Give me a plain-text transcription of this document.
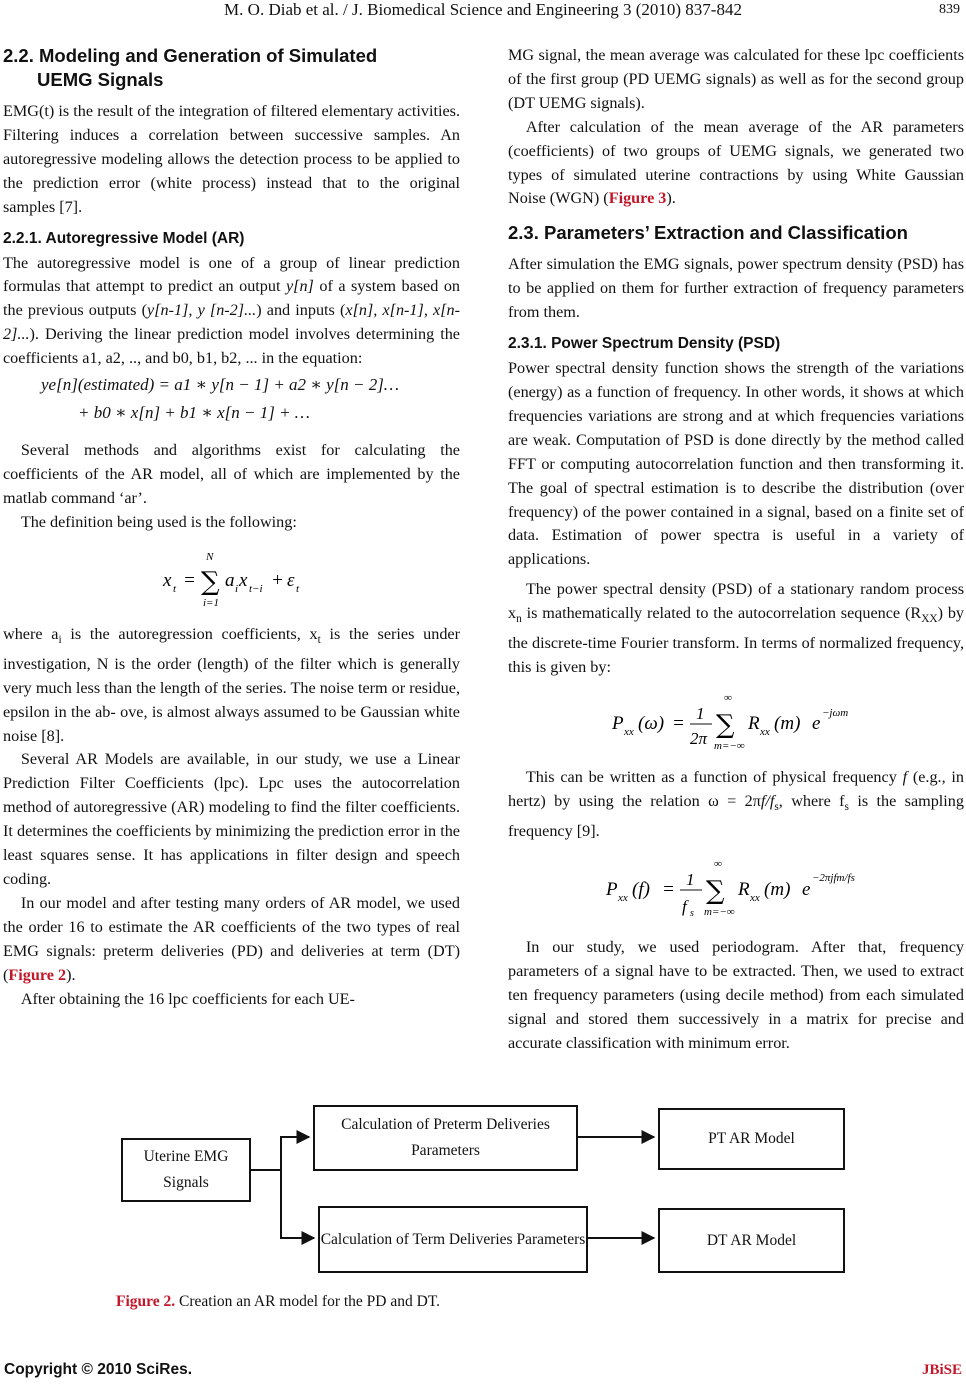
M. O. Diab et al. / J. Biomedical Science and Engineering 3 (2010) 837-842	839
2.2. Modeling and Generation of Simulated
UEMG Signals

EMG(t) is the result of the integration of filtered elementary activities. Filtering induces a correlation between successive samples. An autoregressive modeling allows the detection process to be applied to the prediction error (white process) instead that to the original samples [7].

2.2.1. Autoregressive Model (AR)

The autoregressive model is one of a group of linear prediction formulas that attempt to predict an output y[n] of a system based on the previous outputs (y[n-1], y [n-2]...) and inputs (x[n], x[n-1], x[n-2]...). Deriving the linear prediction model involves determining the coefficients a1, a2, .., and b0, b1, b2, ... in the equation:

ye[n](estimated) = a1 ∗ y[n − 1] + a2 ∗ y[n − 2]…
+ b0 ∗ x[n] + b1 ∗ x[n − 1] + …

Several methods and algorithms exist for calculating the coefficients of the AR model, all of which are implemented by the matlab command ‘ar’.

The definition being used is the following:

x t = ∑
N
i=1
a i x t−i + ε t

where $a_i$ is the autoregression coefficients, $x_t$ is the series under investigation, N is the order (length) of the filter which is generally very much less than the length of the series. The noise term or residue, epsilon in the ab- ove, is almost always assumed to be Gaussian white noise [8].

Several AR Models are available, in our study, we use a Linear Prediction Filter Coefficients (lpc). Lpc uses the autocorrelation method of autoregressive (AR) modeling to find the filter coefficients. It determines the coefficients by minimizing the prediction error in the least squares sense. It has applications in filter design and speech coding.

In our model and after testing many orders of AR model, we used the order 16 to estimate the AR coefficients of the two types of real EMG signals: preterm deliveries (PD) and deliveries at term (DT) (Figure 2).

After obtaining the 16 lpc coefficients for each UE-

MG signal, the mean average was calculated for these lpc coefficients of the first group (PD UEMG signals) as well as for the second group (DT UEMG signals).

After calculation of the mean average of the AR parameters (coefficients) of two groups of UEMG signals, we generated two types of simulated uterine contractions by using White Gaussian Noise (WGN) (Figure 3).

2.3. Parameters’ Extraction and Classification

After simulation the EMG signals, power spectrum density (PSD) has to be applied on them for further extraction of frequency parameters from them.

2.3.1. Power Spectrum Density (PSD)

Power spectral density function shows the strength of the variations (energy) as a function of frequency. In other words, it shows at which frequencies variations are strong and at which frequencies variations are weak. Computation of PSD is done directly by the method called FFT or computing autocorrelation function and then transforming it. The goal of spectral estimation is to describe the distribution (over frequency) of the power contained in a signal, based on a finite set of data. Estimation of power spectra is useful in a variety of applications.

The power spectral density (PSD) of a stationary random process $x_n$ is mathematically related to the autocorrelation sequence $(R_{XX})$ by the discrete-time Fourier transform. In terms of normalized frequency, this is given by:

P xx (ω) = 1
2π ∑
∞
m=−∞
R xx (m) e −jωm

This can be written as a function of physical frequency f (e.g., in hertz) by using the relation $\omega = 2\pi f/f_s$, where $f_s$ is the sampling frequency [9].

P xx (f) = 1
f s
∑
∞
m=−∞
R xx (m) e
−2πjfm/fs

In our study, we used periodogram. After that, frequency parameters of a signal have to be extracted. Then, we used to extract ten frequency parameters (using decile method) from each simulated signal and stored them successively in a matrix for precise and accurate classification with minimum error.

Uterine EMG Signals
Calculation of Preterm Deliveries Parameters
Calculation of Term Deliveries Parameters
PT AR Model
DT AR Model
Figure 2. Creation an AR model for the PD and DT.
Copyright © 2010 SciRes.	JBiSE
